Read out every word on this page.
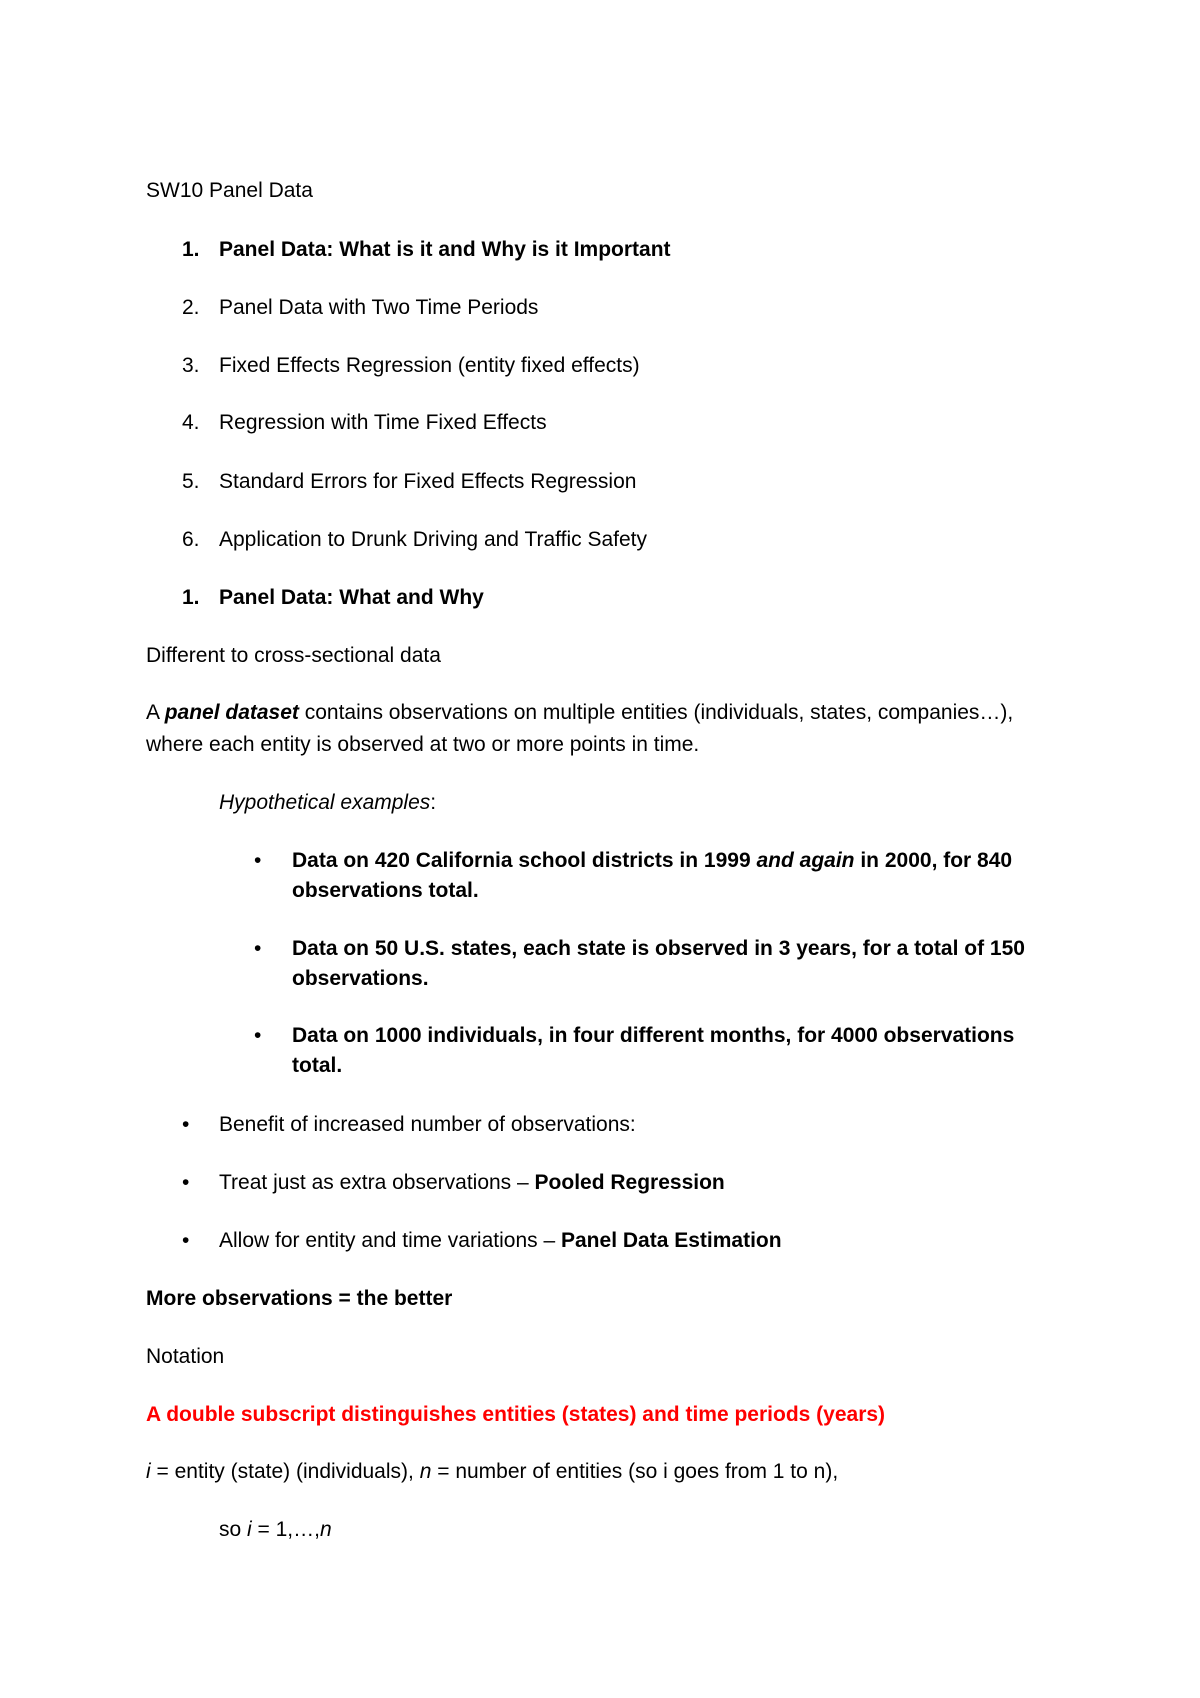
SW10 Panel Data
1. Panel Data: What is it and Why is it Important
2. Panel Data with Two Time Periods
3. Fixed Effects Regression (entity fixed effects)
4. Regression with Time Fixed Effects
5. Standard Errors for Fixed Effects Regression
6. Application to Drunk Driving and Traffic Safety
1. Panel Data: What and Why
Different to cross-sectional data
A panel dataset contains observations on multiple entities (individuals, states, companies…),
where each entity is observed at two or more points in time.
Hypothetical examples:
• Data on 420 California school districts in 1999 and again in 2000, for 840
observations total.
• Data on 50 U.S. states, each state is observed in 3 years, for a total of 150
observations.
• Data on 1000 individuals, in four different months, for 4000 observations
total.
• Benefit of increased number of observations:
• Treat just as extra observations – Pooled Regression
• Allow for entity and time variations – Panel Data Estimation
More observations = the better
Notation
A double subscript distinguishes entities (states) and time periods (years)
i = entity (state) (individuals), n = number of entities (so i goes from 1 to n),
so i = 1,…,n
